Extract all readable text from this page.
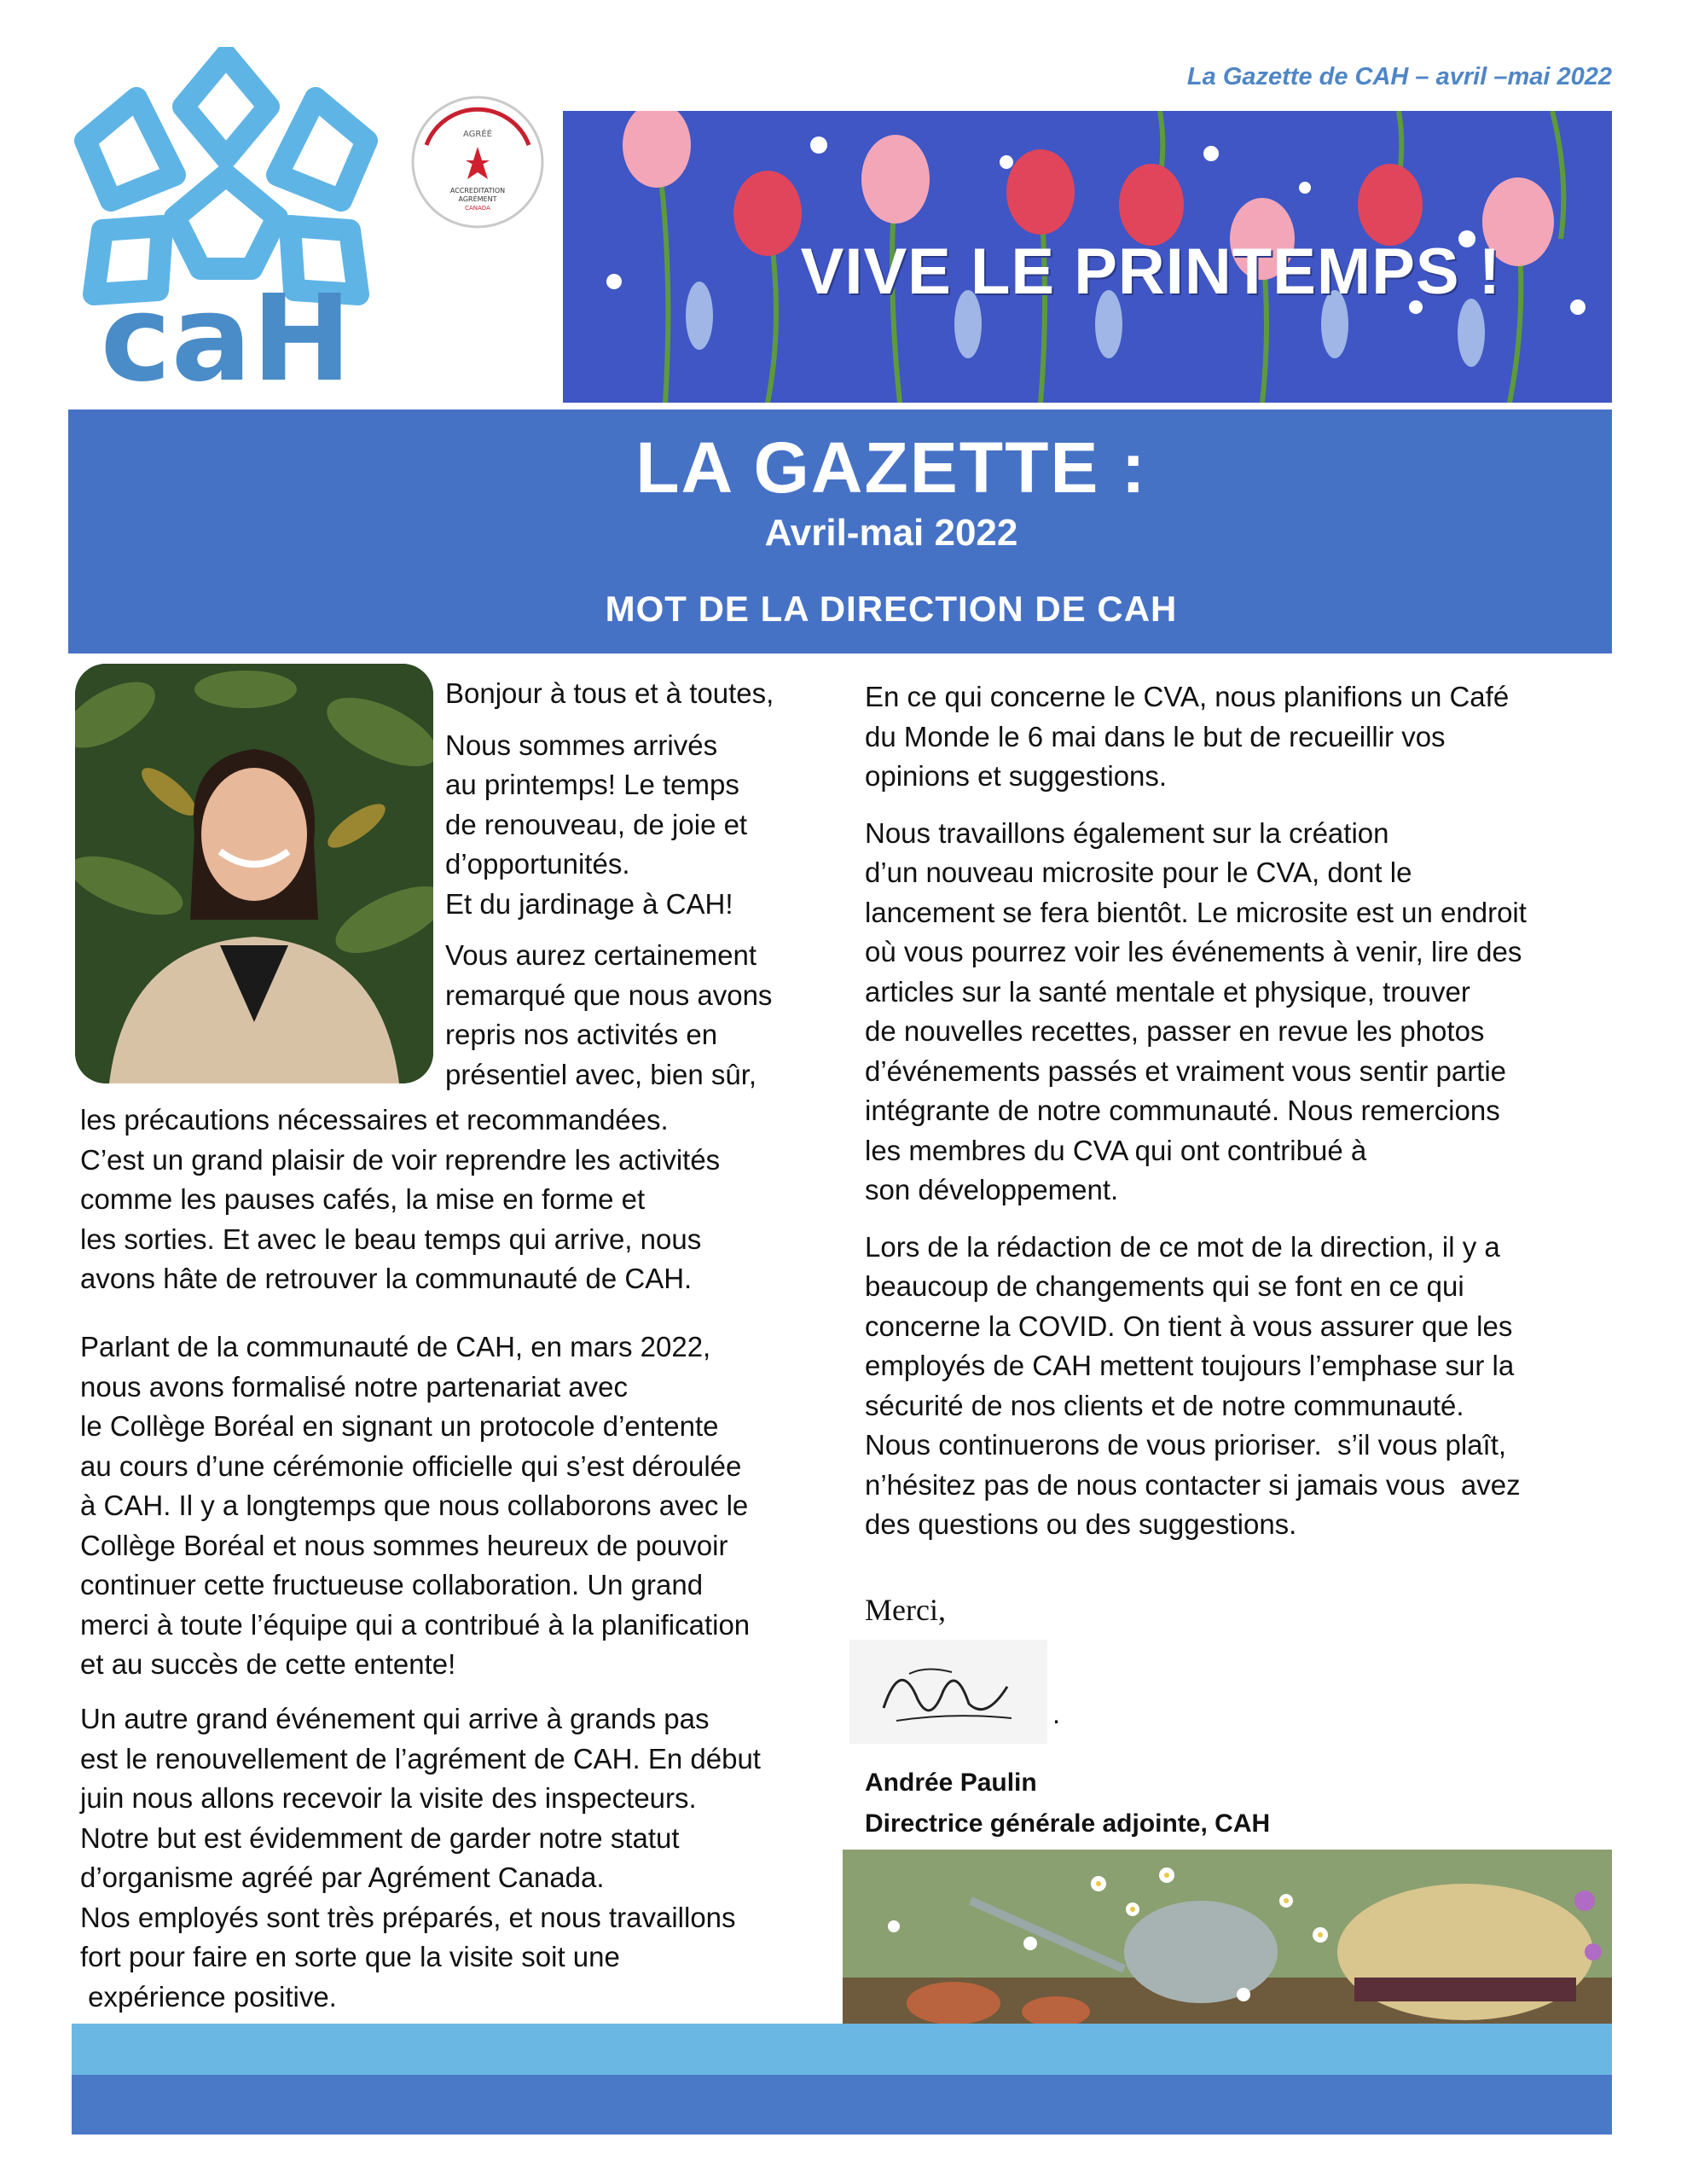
La Gazette de CAH – avril –mai 2022
caH
AGRÉÉ
ACCREDITATION
AGRÉMENT
CANADA
VIVE LE PRINTEMPS !
LA GAZETTE :
Avril-mai 2022
MOT DE LA DIRECTION DE CAH

Bonjour à tous et à toutes,

Nous sommes arrivés
au printemps! Le temps
de renouveau, de joie et
d’opportunités.
Et du jardinage à CAH!

Vous aurez certainement
remarqué que nous avons
repris nos activités en
présentiel avec, bien sûr,

les précautions nécessaires et recommandées.
C’est un grand plaisir de voir reprendre les activités
comme les pauses cafés, la mise en forme et
les sorties. Et avec le beau temps qui arrive, nous
avons hâte de retrouver la communauté de CAH.
Parlant de la communauté de CAH, en mars 2022,
nous avons formalisé notre partenariat avec
le Collège Boréal en signant un protocole d’entente
au cours d’une cérémonie officielle qui s’est déroulée
à CAH. Il y a longtemps que nous collaborons avec le
Collège Boréal et nous sommes heureux de pouvoir
continuer cette fructueuse collaboration. Un grand
merci à toute l’équipe qui a contribué à la planification
et au succès de cette entente!
Un autre grand événement qui arrive à grands pas
est le renouvellement de l’agrément de CAH. En début
juin nous allons recevoir la visite des inspecteurs.
Notre but est évidemment de garder notre statut
d’organisme agréé par Agrément Canada.
Nos employés sont très préparés, et nous travaillons
fort pour faire en sorte que la visite soit une
expérience positive.

En ce qui concerne le CVA, nous planifions un Café
du Monde le 6 mai dans le but de recueillir vos
opinions et suggestions.

Nous travaillons également sur la création
d’un nouveau microsite pour le CVA, dont le
lancement se fera bientôt. Le microsite est un endroit
où vous pourrez voir les événements à venir, lire des
articles sur la santé mentale et physique, trouver
de nouvelles recettes, passer en revue les photos
d’événements passés et vraiment vous sentir partie
intégrante de notre communauté. Nous remercions
les membres du CVA qui ont contribué à
son développement.

Lors de la rédaction de ce mot de la direction, il y a
beaucoup de changements qui se font en ce qui
concerne la COVID. On tient à vous assurer que les
employés de CAH mettent toujours l’emphase sur la
sécurité de nos clients et de notre communauté.
Nous continuerons de vous prioriser.  s’il vous plaît,
n’hésitez pas de nous contacter si jamais vous  avez
des questions ou des suggestions.

Merci,
.
Andrée Paulin
Directrice générale adjointe, CAH
